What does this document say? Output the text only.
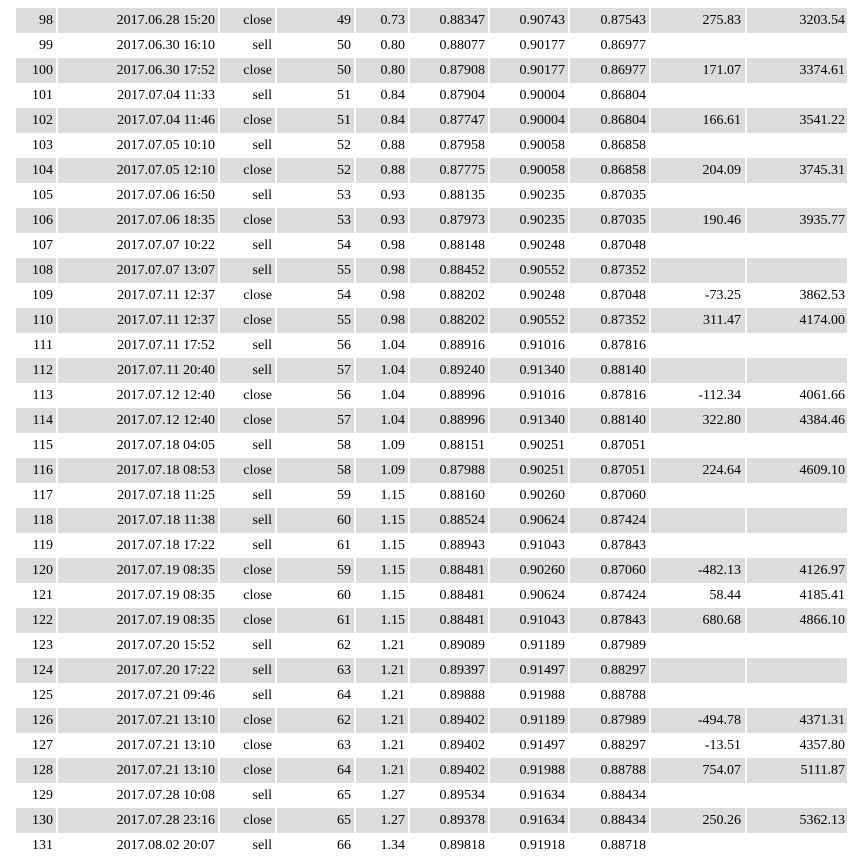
98	2017.06.28 15:20	close	49	0.73	0.88347	0.90743	0.87543	275.83	3203.54
99	2017.06.30 16:10	sell	50	0.80	0.88077	0.90177	0.86977		
100	2017.06.30 17:52	close	50	0.80	0.87908	0.90177	0.86977	171.07	3374.61
101	2017.07.04 11:33	sell	51	0.84	0.87904	0.90004	0.86804		
102	2017.07.04 11:46	close	51	0.84	0.87747	0.90004	0.86804	166.61	3541.22
103	2017.07.05 10:10	sell	52	0.88	0.87958	0.90058	0.86858		
104	2017.07.05 12:10	close	52	0.88	0.87775	0.90058	0.86858	204.09	3745.31
105	2017.07.06 16:50	sell	53	0.93	0.88135	0.90235	0.87035		
106	2017.07.06 18:35	close	53	0.93	0.87973	0.90235	0.87035	190.46	3935.77
107	2017.07.07 10:22	sell	54	0.98	0.88148	0.90248	0.87048		
108	2017.07.07 13:07	sell	55	0.98	0.88452	0.90552	0.87352		
109	2017.07.11 12:37	close	54	0.98	0.88202	0.90248	0.87048	-73.25	3862.53
110	2017.07.11 12:37	close	55	0.98	0.88202	0.90552	0.87352	311.47	4174.00
111	2017.07.11 17:52	sell	56	1.04	0.88916	0.91016	0.87816		
112	2017.07.11 20:40	sell	57	1.04	0.89240	0.91340	0.88140		
113	2017.07.12 12:40	close	56	1.04	0.88996	0.91016	0.87816	-112.34	4061.66
114	2017.07.12 12:40	close	57	1.04	0.88996	0.91340	0.88140	322.80	4384.46
115	2017.07.18 04:05	sell	58	1.09	0.88151	0.90251	0.87051		
116	2017.07.18 08:53	close	58	1.09	0.87988	0.90251	0.87051	224.64	4609.10
117	2017.07.18 11:25	sell	59	1.15	0.88160	0.90260	0.87060		
118	2017.07.18 11:38	sell	60	1.15	0.88524	0.90624	0.87424		
119	2017.07.18 17:22	sell	61	1.15	0.88943	0.91043	0.87843		
120	2017.07.19 08:35	close	59	1.15	0.88481	0.90260	0.87060	-482.13	4126.97
121	2017.07.19 08:35	close	60	1.15	0.88481	0.90624	0.87424	58.44	4185.41
122	2017.07.19 08:35	close	61	1.15	0.88481	0.91043	0.87843	680.68	4866.10
123	2017.07.20 15:52	sell	62	1.21	0.89089	0.91189	0.87989		
124	2017.07.20 17:22	sell	63	1.21	0.89397	0.91497	0.88297		
125	2017.07.21 09:46	sell	64	1.21	0.89888	0.91988	0.88788		
126	2017.07.21 13:10	close	62	1.21	0.89402	0.91189	0.87989	-494.78	4371.31
127	2017.07.21 13:10	close	63	1.21	0.89402	0.91497	0.88297	-13.51	4357.80
128	2017.07.21 13:10	close	64	1.21	0.89402	0.91988	0.88788	754.07	5111.87
129	2017.07.28 10:08	sell	65	1.27	0.89534	0.91634	0.88434		
130	2017.07.28 23:16	close	65	1.27	0.89378	0.91634	0.88434	250.26	5362.13
131	2017.08.02 20:07	sell	66	1.34	0.89818	0.91918	0.88718		
